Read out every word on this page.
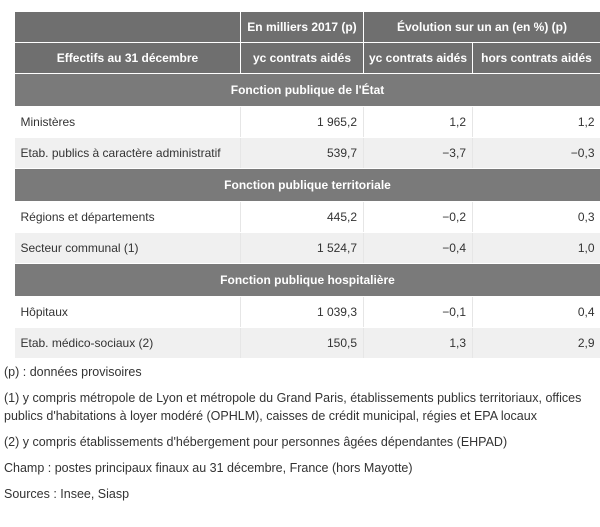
	En milliers 2017 (p)	Évolution sur un an (en %) (p)	
Effectifs au 31 décembre	yc contrats aidés	yc contrats aidés	hors contrats aidés
Fonction publique de l'État			
Ministères	1 965,2	1,2	1,2
Etab. publics à caractère administratif	539,7	−3,7	−0,3
Fonction publique territoriale			
Régions et départements	445,2	−0,2	0,3
Secteur communal (1)	1 524,7	−0,4	1,0
Fonction publique hospitalière			
Hôpitaux	1 039,3	−0,1	0,4
Etab. médico-sociaux (2)	150,5	1,3	2,9

(p) : données provisoires

(1) y compris métropole de Lyon et métropole du Grand Paris, établissements publics territoriaux, offices publics d'habitations à loyer modéré (OPHLM), caisses de crédit municipal, régies et EPA locaux

(2) y compris établissements d'hébergement pour personnes âgées dépendantes (EHPAD)

Champ : postes principaux finaux au 31 décembre, France (hors Mayotte)

Sources : Insee, Siasp
